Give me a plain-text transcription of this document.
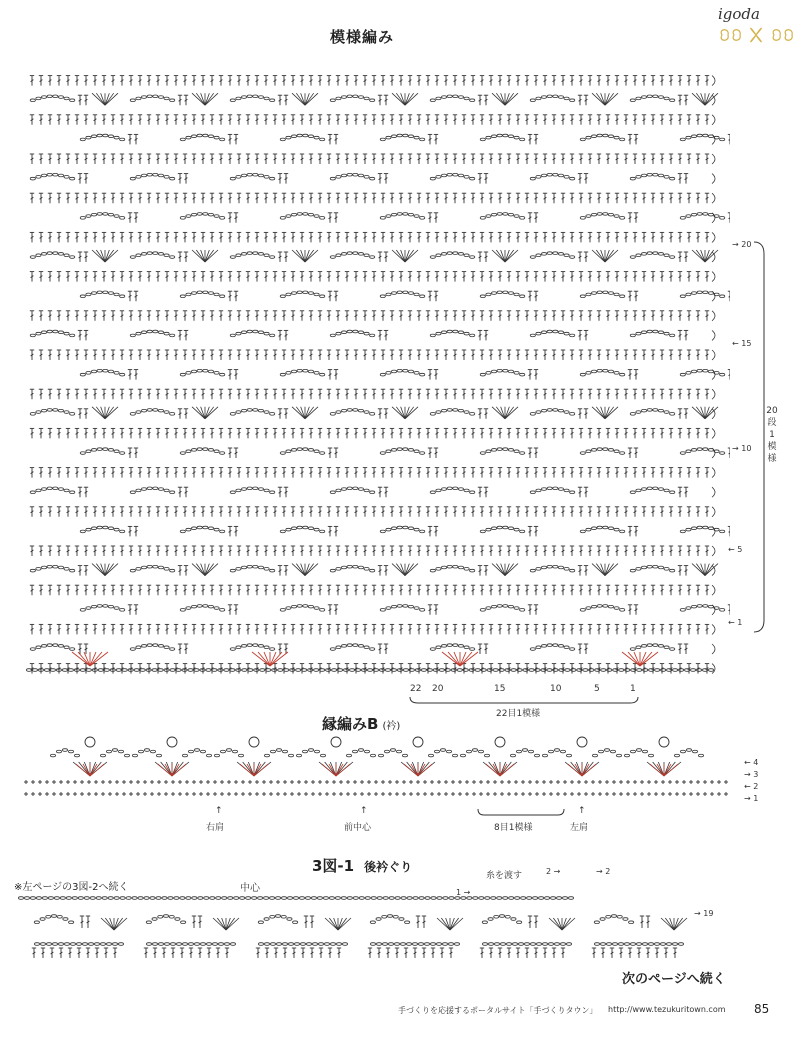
igoda
模様編み
→ 20
← 15
→ 10
← 5
← 1
20段1模様
22 20	15	10	5	1
22目1模様
縁編みB (衿)
← 4
→ 3
← 2
→ 1
↑
右肩
↑
前中心	8目1模様
↑
左肩
3図-1 後衿ぐり
※左ページの3図-2へ続く	中心
糸を渡す	2 →	→ 2
1 →
→ 19
次のページへ続く
手づくりを応援するポータルサイト「手づくりタウン」 http://www.tezukuritown.com 85
